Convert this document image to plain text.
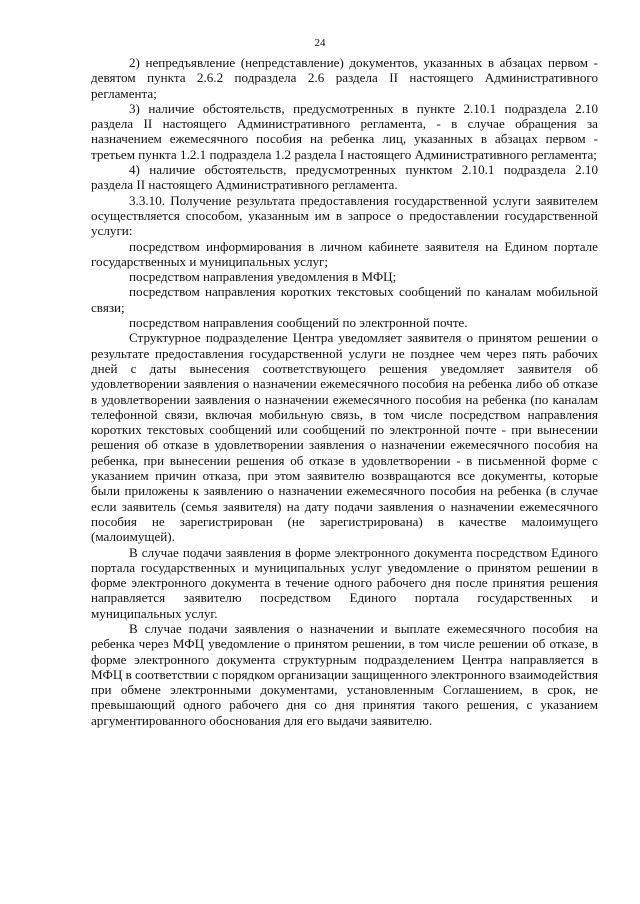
24

2) непредъявление (непредставление) документов, указанных в абзацах первом - девятом пункта 2.6.2 подраздела 2.6 раздела II настоящего Административного регламента;

3) наличие обстоятельств, предусмотренных в пункте 2.10.1 подраздела 2.10 раздела II настоящего Административного регламента, - в случае обращения за назначением ежемесячного пособия на ребенка лиц, указанных в абзацах первом - третьем пункта 1.2.1 подраздела 1.2 раздела I настоящего Административного регламента;

4) наличие обстоятельств, предусмотренных пунктом 2.10.1 подраздела 2.10 раздела II настоящего Административного регламента.

3.3.10. Получение результата предоставления государственной услуги заявителем осуществляется способом, указанным им в запросе о предоставлении государственной услуги:

посредством информирования в личном кабинете заявителя на Едином портале государственных и муниципальных услуг;

посредством направления уведомления в МФЦ;

посредством направления коротких текстовых сообщений по каналам мобильной связи;

посредством направления сообщений по электронной почте.

Структурное подразделение Центра уведомляет заявителя о принятом решении о результате предоставления государственной услуги не позднее чем через пять рабочих дней с даты вынесения соответствующего решения уведомляет заявителя об удовлетворении заявления о назначении ежемесячного пособия на ребенка либо об отказе в удовлетворении заявления о назначении ежемесячного пособия на ребенка (по каналам телефонной связи, включая мобильную связь, в том числе посредством направления коротких текстовых сообщений или сообщений по электронной почте - при вынесении решения об отказе в удовлетворении заявления о назначении ежемесячного пособия на ребенка, при вынесении решения об отказе в удовлетворении - в письменной форме с указанием причин отказа, при этом заявителю возвращаются все документы, которые были приложены к заявлению о назначении ежемесячного пособия на ребенка (в случае если заявитель (семья заявителя) на дату подачи заявления о назначении ежемесячного пособия не зарегистрирован (не зарегистрирована) в качестве малоимущего (малоимущей).

В случае подачи заявления в форме электронного документа посредством Единого портала государственных и муниципальных услуг уведомление о принятом решении в форме электронного документа в течение одного рабочего дня после принятия решения направляется заявителю посредством Единого портала государственных и муниципальных услуг.

В случае подачи заявления о назначении и выплате ежемесячного пособия на ребенка через МФЦ уведомление о принятом решении, в том числе решении об отказе, в форме электронного документа структурным подразделением Центра направляется в МФЦ в соответствии с порядком организации защищенного электронного взаимодействия при обмене электронными документами, установленным Соглашением, в срок, не превышающий одного рабочего дня со дня принятия такого решения, с указанием аргументированного обоснования для его выдачи заявителю.
